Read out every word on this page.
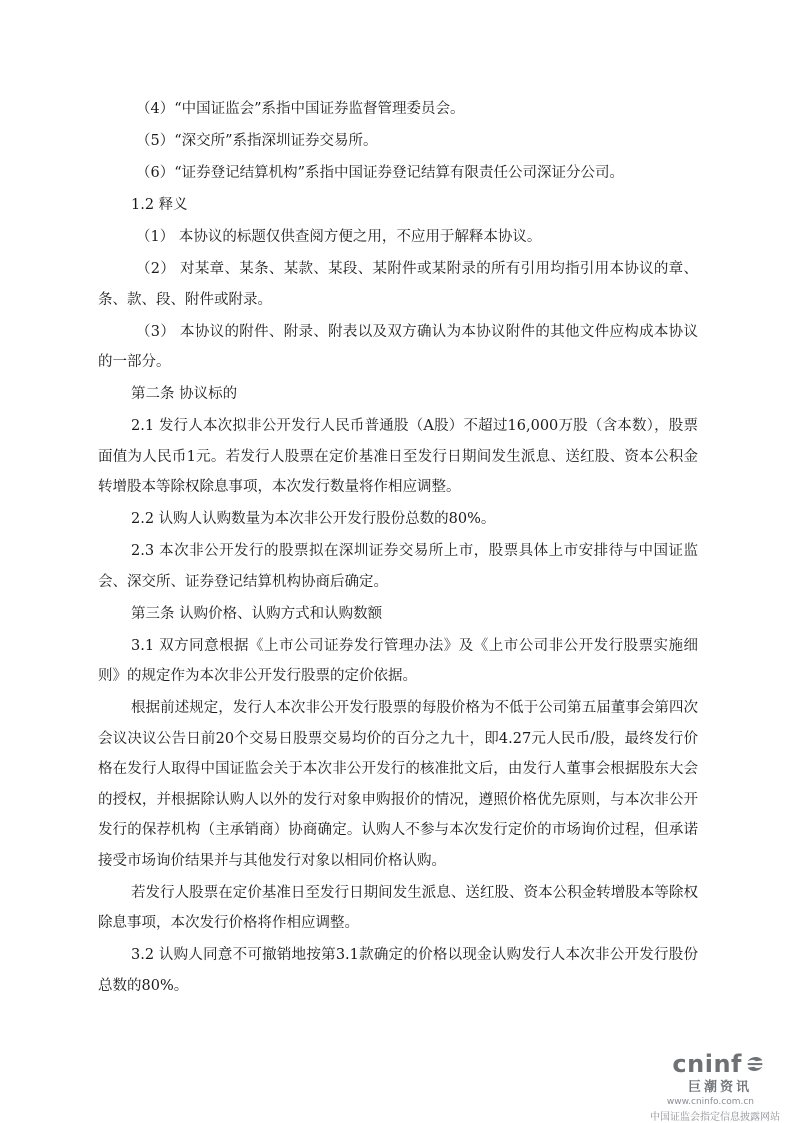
（4）“中国证监会”系指中国证券监督管理委员会。

（5）“深交所”系指深圳证券交易所。

（6）“证券登记结算机构”系指中国证券登记结算有限责任公司深证分公司。

1.2 释义

（1） 本协议的标题仅供查阅方便之用，不应用于解释本协议。

（2） 对某章、某条、某款、某段、某附件或某附录的所有引用均指引用本协议的章、条、款、段、附件或附录。

（3） 本协议的附件、附录、附表以及双方确认为本协议附件的其他文件应构成本协议的一部分。

第二条 协议标的

2.1 发行人本次拟非公开发行人民币普通股（A股）不超过16,000万股（含本数），股票面值为人民币1元。若发行人股票在定价基准日至发行日期间发生派息、送红股、资本公积金转增股本等除权除息事项，本次发行数量将作相应调整。

2.2 认购人认购数量为本次非公开发行股份总数的80%。

2.3 本次非公开发行的股票拟在深圳证券交易所上市，股票具体上市安排待与中国证监会、深交所、证券登记结算机构协商后确定。

第三条 认购价格、认购方式和认购数额

3.1 双方同意根据《上市公司证券发行管理办法》及《上市公司非公开发行股票实施细则》的规定作为本次非公开发行股票的定价依据。

根据前述规定，发行人本次非公开发行股票的每股价格为不低于公司第五届董事会第四次会议决议公告日前20个交易日股票交易均价的百分之九十，即4.27元人民币/股，最终发行价格在发行人取得中国证监会关于本次非公开发行的核准批文后，由发行人董事会根据股东大会的授权，并根据除认购人以外的发行对象申购报价的情况，遵照价格优先原则，与本次非公开发行的保荐机构（主承销商）协商确定。认购人不参与本次发行定价的市场询价过程，但承诺接受市场询价结果并与其他发行对象以相同价格认购。

若发行人股票在定价基准日至发行日期间发生派息、送红股、资本公积金转增股本等除权除息事项，本次发行价格将作相应调整。

3.2 认购人同意不可撤销地按第3.1款确定的价格以现金认购发行人本次非公开发行股份总数的80%。

cninf
巨潮资讯
www.cninfo.com.cn
中国证监会指定信息披露网站
